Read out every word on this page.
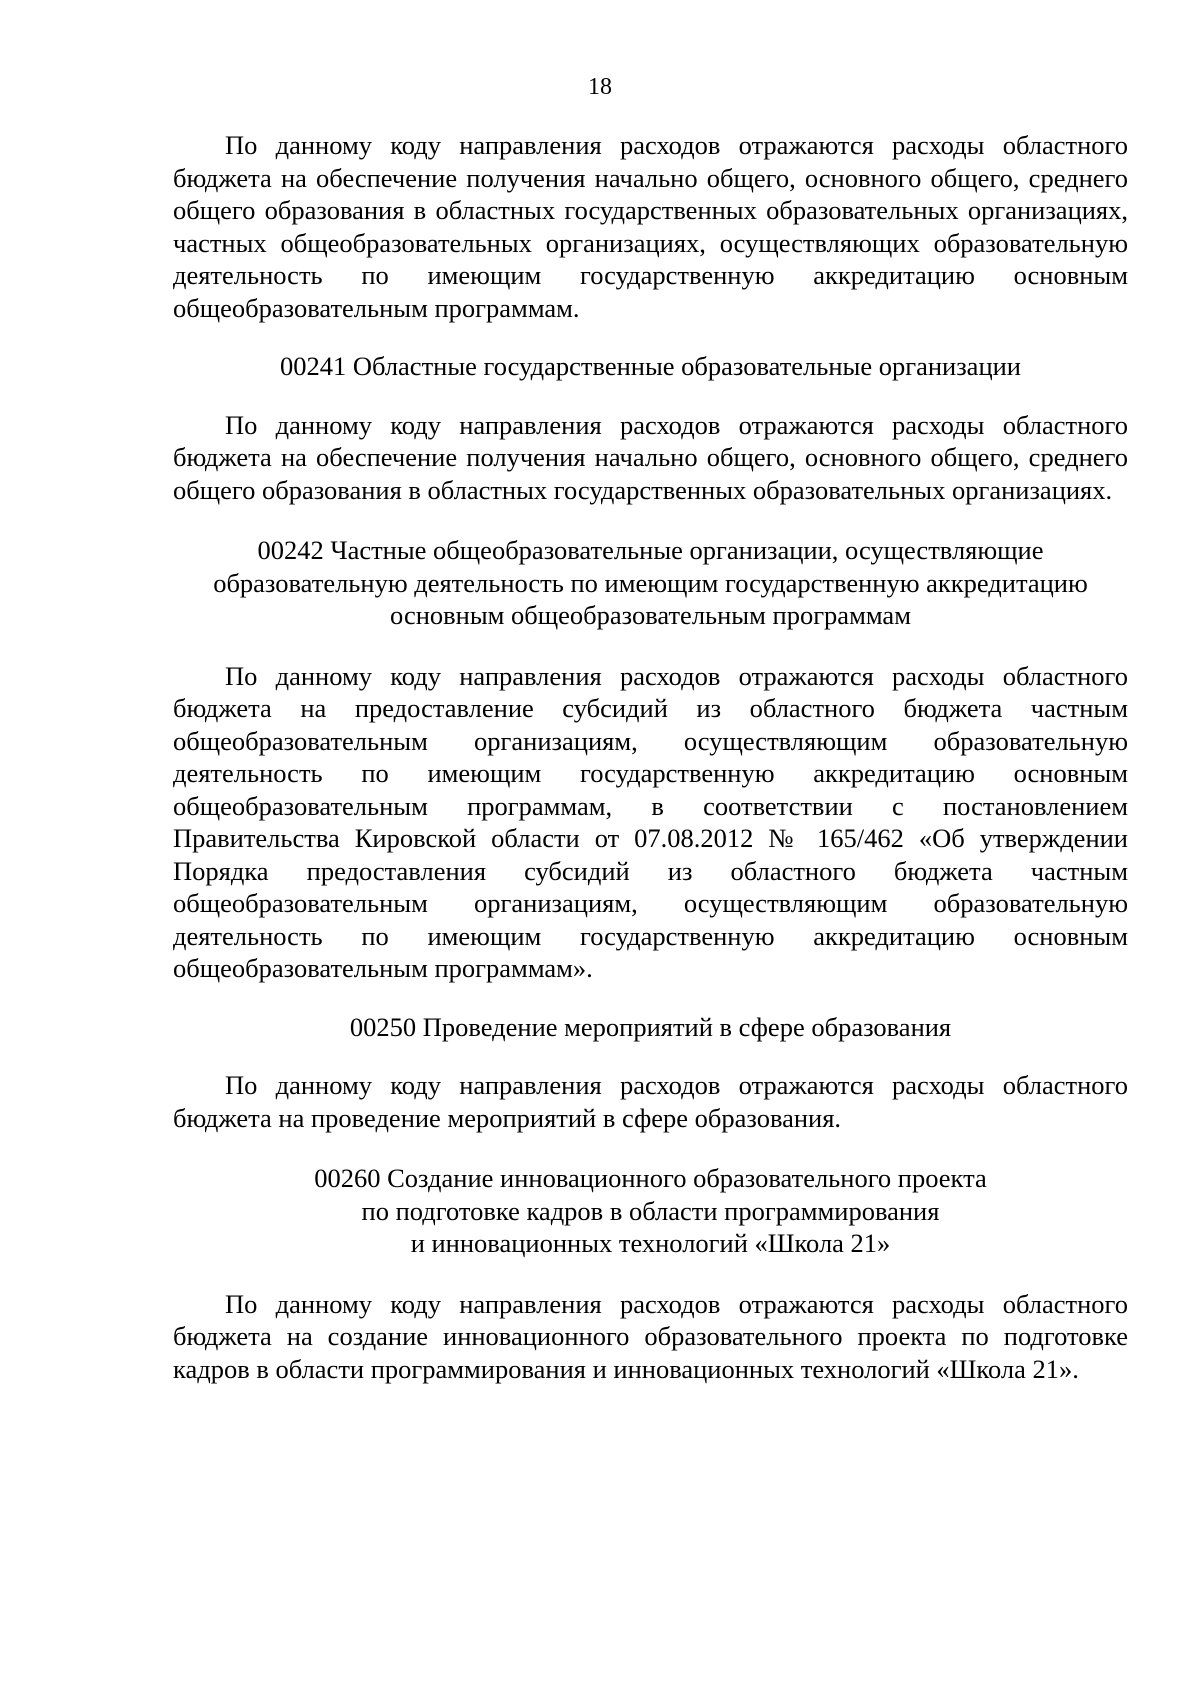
18

По данному коду направления расходов отражаются расходы областного бюджета на обеспечение получения начально общего, основного общего, среднего общего образования в областных государственных образовательных организациях, частных общеобразовательных организациях, осуществляющих образовательную деятельность по имеющим государственную аккредитацию основным общеобразовательным программам.

00241 Областные государственные образовательные организации

По данному коду направления расходов отражаются расходы областного бюджета на обеспечение получения начально общего, основного общего, среднего общего образования в областных государственных образовательных организациях.

00242 Частные общеобразовательные организации, осуществляющие
образовательную деятельность по имеющим государственную аккредитацию
основным общеобразовательным программам

По данному коду направления расходов отражаются расходы областного бюджета на предоставление субсидий из областного бюджета частным общеобразовательным организациям, осуществляющим образовательную деятельность по имеющим государственную аккредитацию основным общеобразовательным программам, в соответствии с постановлением Правительства Кировской области от 07.08.2012 № 165/462 «Об утверждении Порядка предоставления субсидий из областного бюджета частным общеобразовательным организациям, осуществляющим образовательную деятельность по имеющим государственную аккредитацию основным общеобразовательным программам».

00250 Проведение мероприятий в сфере образования

По данному коду направления расходов отражаются расходы областного бюджета на проведение мероприятий в сфере образования.

00260 Создание инновационного образовательного проекта
по подготовке кадров в области программирования
и инновационных технологий «Школа 21»

По данному коду направления расходов отражаются расходы областного бюджета на создание инновационного образовательного проекта по подготовке кадров в области программирования и инновационных технологий «Школа 21».
